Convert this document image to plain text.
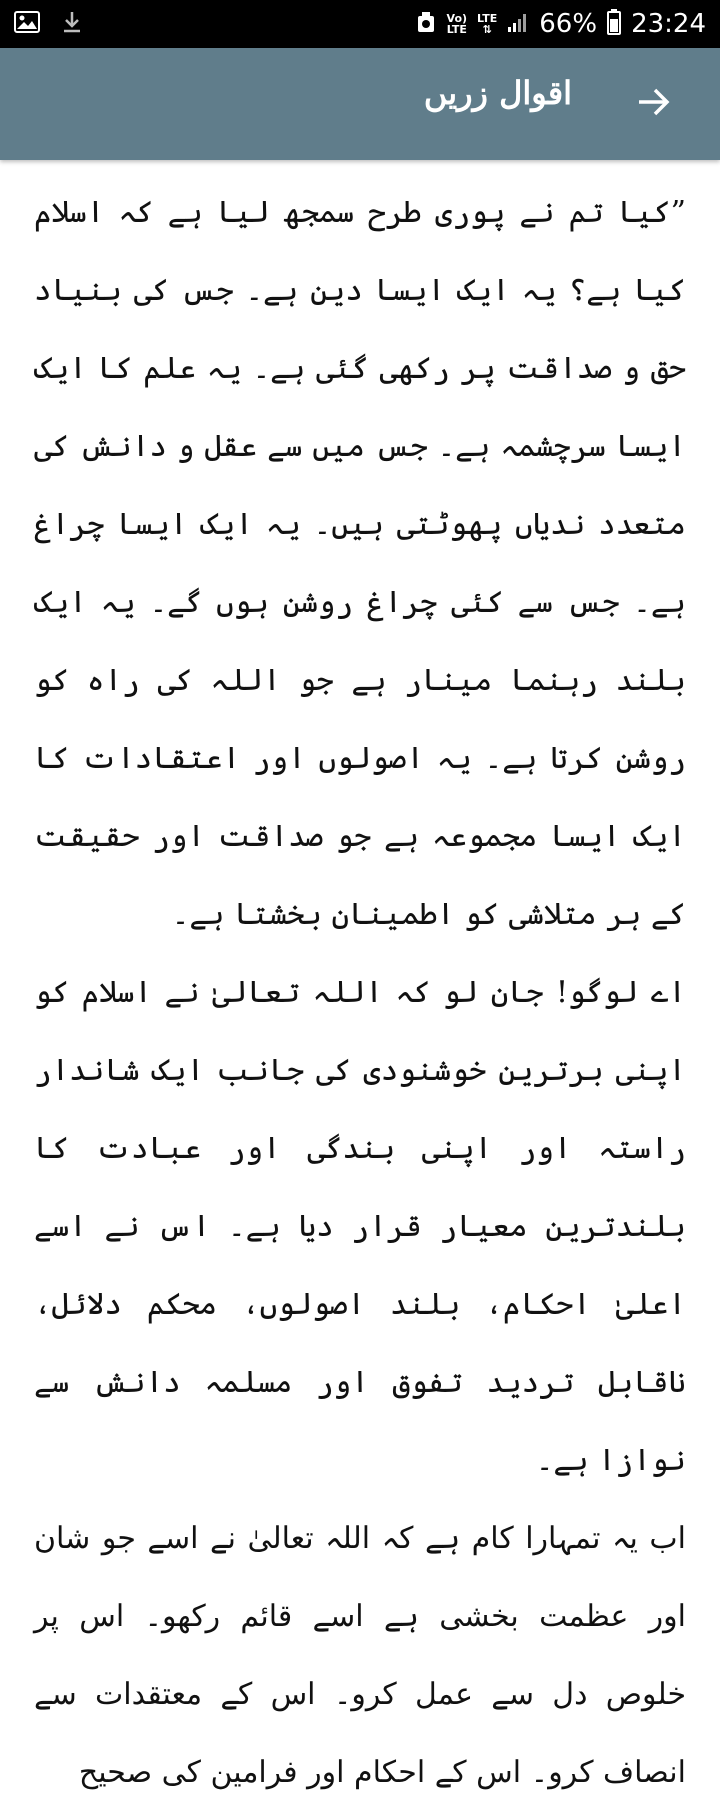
Vo)
LTE
LTE
⇅ 66% 23:24
اقوال زریں

”کیا تم نے پوری طرح سمجھ لیا ہے کہ اسلام کیا ہے؟ یہ ایک ایسا دین ہے۔ جس کی بنیاد حق و صداقت پر رکھی گئی ہے۔ یہ علم کا ایک ایسا سرچشمہ ہے۔ جس میں سے عقل و دانش کی متعدد ندیاں پھوٹتی ہیں۔ یہ ایک ایسا چراغ ہے۔ جس سے کئی چراغ روشن ہوں گے۔ یہ ایک بلند رہنما مینار ہے جو اللہ کی راہ کو روشن کرتا ہے۔ یہ اصولوں اور اعتقادات کا ایک ایسا مجموعہ ہے جو صداقت اور حقیقت کے ہر متلاشی کو اطمینان بخشتا ہے۔

اے لوگو! جان لو کہ اللہ تعالیٰ نے اسلام کو اپنی برترین خوشنودی کی جانب ایک شاندار راستہ اور اپنی بندگی اور عبادت کا بلندترین معیار قرار دیا ہے۔ اس نے اسے اعلیٰ احکام، بلند اصولوں، محکم دلائل، ناقابل تردید تفوق اور مسلمہ دانش سے نوازا ہے۔

اب یہ تمہارا کام ہے کہ اللہ تعالیٰ نے اسے جو شان اور عظمت بخشی ہے اسے قائم رکھو۔ اس پر خلوص دل سے عمل کرو۔ اس کے معتقدات سے انصاف کرو۔ اس کے احکام اور فرامین کی صحیح
